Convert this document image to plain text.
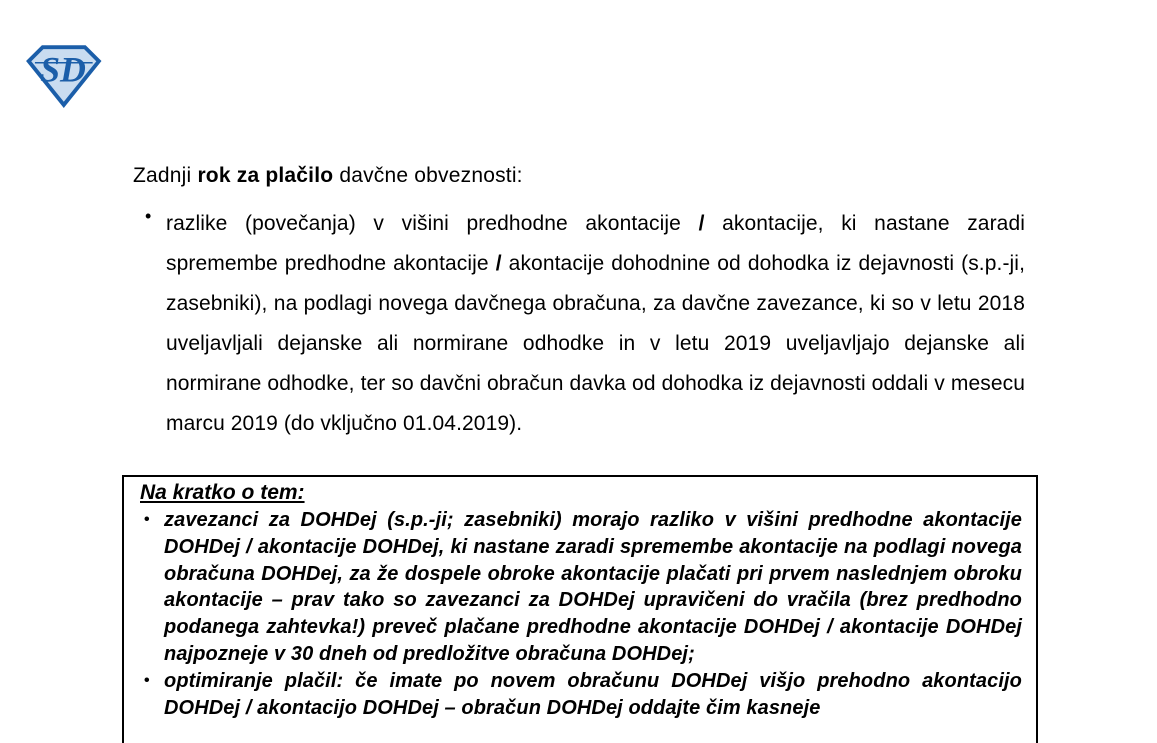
SD
Zadnji rok za plačilo davčne obveznosti:
• razlike (povečanja) v višini predhodne akontacije / akontacije, ki nastane zaradi spremembe predhodne akontacije / akontacije dohodnine od dohodka iz dejavnosti (s.p.-ji, zasebniki), na podlagi novega davčnega obračuna, za davčne zavezance, ki so v letu 2018 uveljavljali dejanske ali normirane odhodke in v letu 2019 uveljavljajo dejanske ali normirane odhodke, ter so davčni obračun davka od dohodka iz dejavnosti oddali v mesecu marcu 2019 (do vključno 01.04.2019).
Na kratko o tem:
• zavezanci za DOHDej (s.p.-ji; zasebniki) morajo razliko v višini predhodne akontacije DOHDej / akontacije DOHDej, ki nastane zaradi spremembe akontacije na podlagi novega obračuna DOHDej, za že dospele obroke akontacije plačati pri prvem naslednjem obroku akontacije – prav tako so zavezanci za DOHDej upravičeni do vračila (brez predhodno podanega zahtevka!) preveč plačane predhodne akontacije DOHDej / akontacije DOHDej najpozneje v 30 dneh od predložitve obračuna DOHDej;
• optimiranje plačil: če imate po novem obračunu DOHDej višjo prehodno akontacijo DOHDej / akontacijo DOHDej – obračun DOHDej oddajte čim kasneje
